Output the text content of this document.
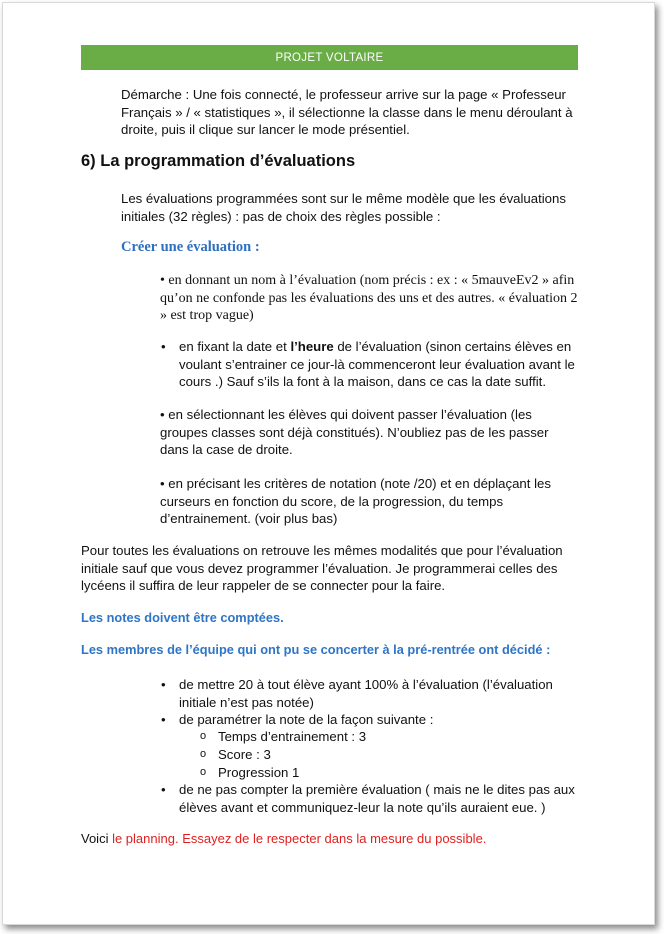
PROJET VOLTAIRE
Démarche : Une fois connecté, le professeur arrive sur la page « Professeur Français » / « statistiques », il sélectionne la classe dans le menu déroulant à droite, puis il clique sur lancer le mode présentiel.
6) La programmation d’évaluations
Les évaluations programmées sont sur le même modèle que les évaluations initiales (32 règles) : pas de choix des règles possible :
Créer une évaluation :
• en donnant un nom à l’évaluation (nom précis : ex : « 5mauveEv2 » afin qu’on ne confonde pas les évaluations des uns et des autres. « évaluation 2 » est trop vague)
• en fixant la date et l’heure de l’évaluation (sinon certains élèves en voulant s’entrainer ce jour-là commenceront leur évaluation avant le cours .) Sauf s’ils la font à la maison, dans ce cas la date suffit.
• en sélectionnant les élèves qui doivent passer l’évaluation (les groupes classes sont déjà constitués). N’oubliez pas de les passer dans la case de droite.
• en précisant les critères de notation (note /20) et en déplaçant les curseurs en fonction du score, de la progression, du temps d’entrainement. (voir plus bas)
Pour toutes les évaluations on retrouve les mêmes modalités que pour l’évaluation initiale sauf que vous devez programmer l’évaluation. Je programmerai celles des lycéens il suffira de leur rappeler de se connecter pour la faire.
Les notes doivent être comptées.
Les membres de l’équipe qui ont pu se concerter à la pré-rentrée ont décidé :
• de mettre 20 à tout élève ayant 100% à l’évaluation (l’évaluation initiale n’est pas notée)
• de paramétrer la note de la façon suivante :
o Temps d’entrainement : 3
o Score : 3
o Progression 1
• de ne pas compter la première évaluation ( mais ne le dites pas aux élèves avant et communiquez-leur la note qu’ils auraient eue. )
Voici le planning. Essayez de le respecter dans la mesure du possible.
